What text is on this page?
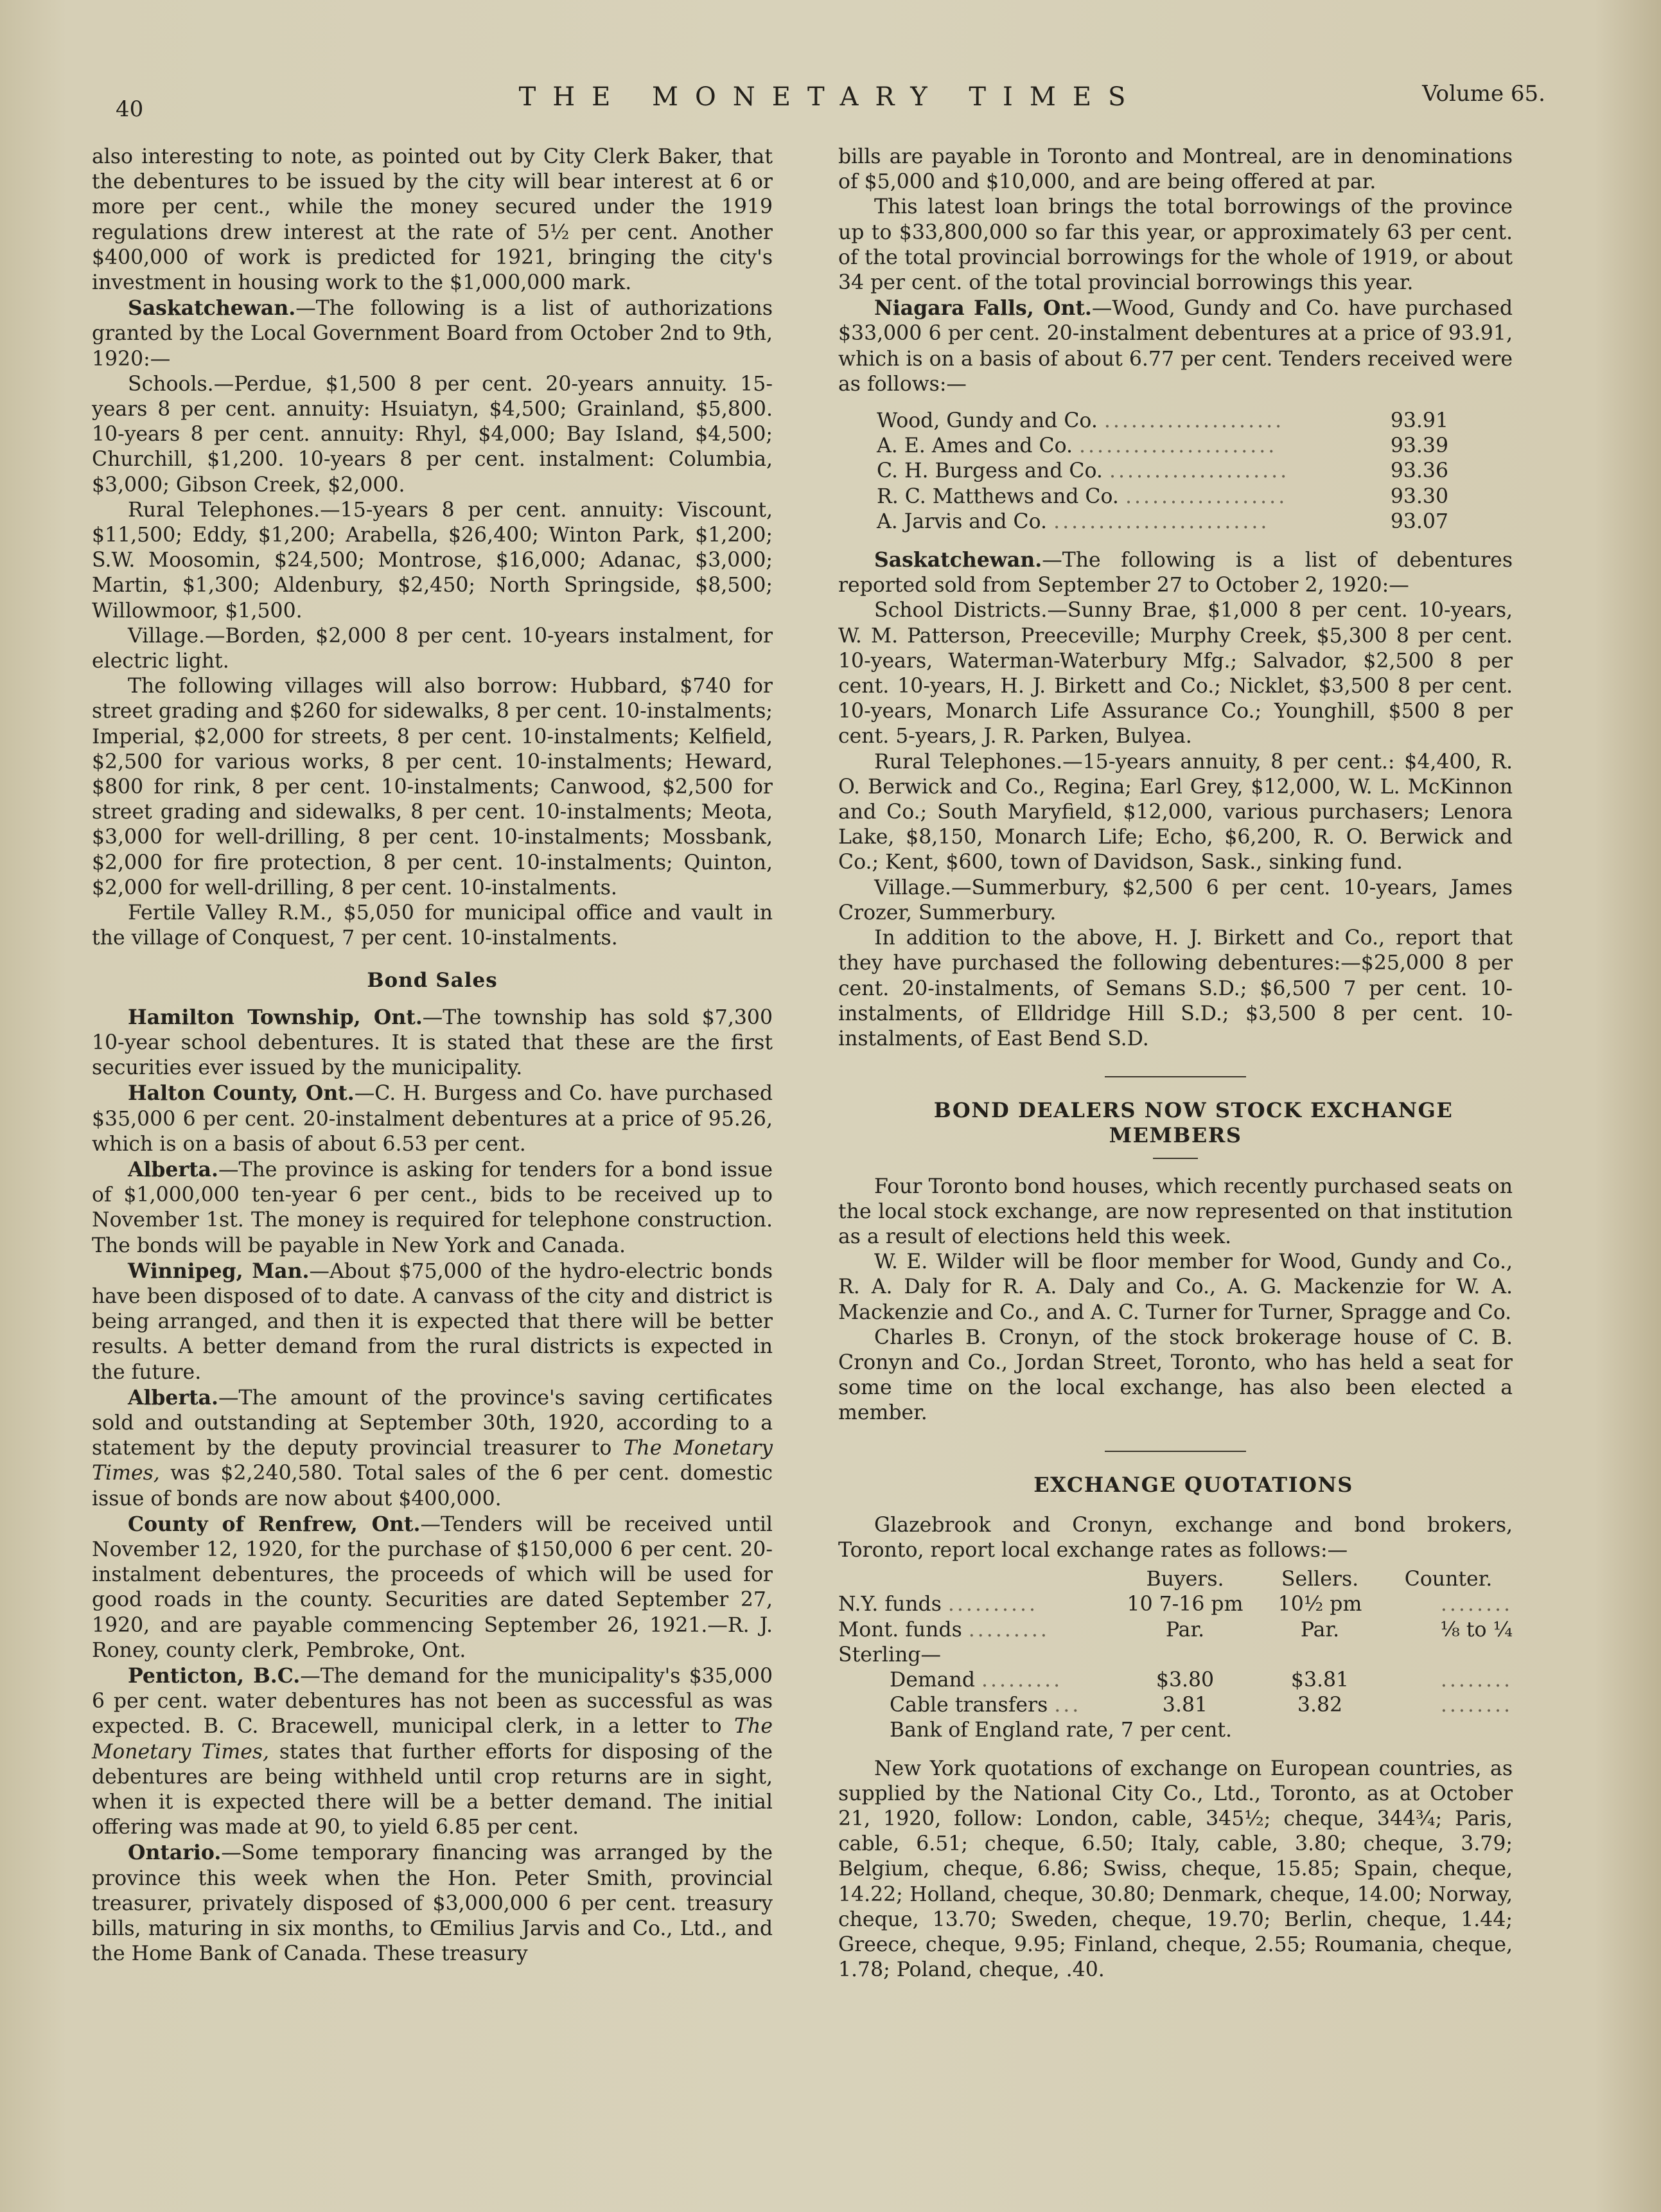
40	THE MONETARY TIMES	Volume 65.

also interesting to note, as pointed out by City Clerk Baker, that the debentures to be issued by the city will bear interest at 6 or more per cent., while the money secured under the 1919 regulations drew interest at the rate of 5½ per cent. Another $400,000 of work is predicted for 1921, bringing the city's investment in housing work to the $1,000,000 mark.

Saskatchewan.—The following is a list of authorizations granted by the Local Government Board from October 2nd to 9th, 1920:—

Schools.—Perdue, $1,500 8 per cent. 20-years annuity. 15-years 8 per cent. annuity: Hsuiatyn, $4,500; Grainland, $5,800. 10-years 8 per cent. annuity: Rhyl, $4,000; Bay Island, $4,500; Churchill, $1,200. 10-years 8 per cent. instalment: Columbia, $3,000; Gibson Creek, $2,000.

Rural Telephones.—15-years 8 per cent. annuity: Viscount, $11,500; Eddy, $1,200; Arabella, $26,400; Winton Park, $1,200; S.W. Moosomin, $24,500; Montrose, $16,000; Adanac, $3,000; Martin, $1,300; Aldenbury, $2,450; North Springside, $8,500; Willowmoor, $1,500.

Village.—Borden, $2,000 8 per cent. 10-years instalment, for electric light.

The following villages will also borrow: Hubbard, $740 for street grading and $260 for sidewalks, 8 per cent. 10-instalments; Imperial, $2,000 for streets, 8 per cent. 10-instalments; Kelfield, $2,500 for various works, 8 per cent. 10-instalments; Heward, $800 for rink, 8 per cent. 10-instalments; Canwood, $2,500 for street grading and sidewalks, 8 per cent. 10-instalments; Meota, $3,000 for well-drilling, 8 per cent. 10-instalments; Mossbank, $2,000 for fire protection, 8 per cent. 10-instalments; Quinton, $2,000 for well-drilling, 8 per cent. 10-instalments.

Fertile Valley R.M., $5,050 for municipal office and vault in the village of Conquest, 7 per cent. 10-instalments.

Bond Sales

Hamilton Township, Ont.—The township has sold $7,300 10-year school debentures. It is stated that these are the first securities ever issued by the municipality.

Halton County, Ont.—C. H. Burgess and Co. have purchased $35,000 6 per cent. 20-instalment debentures at a price of 95.26, which is on a basis of about 6.53 per cent.

Alberta.—The province is asking for tenders for a bond issue of $1,000,000 ten-year 6 per cent., bids to be received up to November 1st. The money is required for telephone construction. The bonds will be payable in New York and Canada.

Winnipeg, Man.—About $75,000 of the hydro-electric bonds have been disposed of to date. A canvass of the city and district is being arranged, and then it is expected that there will be better results. A better demand from the rural districts is expected in the future.

Alberta.—The amount of the province's saving certificates sold and outstanding at September 30th, 1920, according to a statement by the deputy provincial treasurer to The Monetary Times, was $2,240,580. Total sales of the 6 per cent. domestic issue of bonds are now about $400,000.

County of Renfrew, Ont.—Tenders will be received until November 12, 1920, for the purchase of $150,000 6 per cent. 20-instalment debentures, the proceeds of which will be used for good roads in the county. Securities are dated September 27, 1920, and are payable commencing September 26, 1921.—R. J. Roney, county clerk, Pembroke, Ont.

Penticton, B.C.—The demand for the municipality's $35,000 6 per cent. water debentures has not been as successful as was expected. B. C. Bracewell, municipal clerk, in a letter to The Monetary Times, states that further efforts for disposing of the debentures are being withheld until crop returns are in sight, when it is expected there will be a better demand. The initial offering was made at 90, to yield 6.85 per cent.

Ontario.—Some temporary financing was arranged by the province this week when the Hon. Peter Smith, provincial treasurer, privately disposed of $3,000,000 6 per cent. treasury bills, maturing in six months, to Œmilius Jarvis and Co., Ltd., and the Home Bank of Canada. These treasury

bills are payable in Toronto and Montreal, are in denominations of $5,000 and $10,000, and are being offered at par.

This latest loan brings the total borrowings of the province up to $33,800,000 so far this year, or approximately 63 per cent. of the total provincial borrowings for the whole of 1919, or about 34 per cent. of the total provincial borrowings this year.

Niagara Falls, Ont.—Wood, Gundy and Co. have purchased $33,000 6 per cent. 20-instalment debentures at a price of 93.91, which is on a basis of about 6.77 per cent. Tenders received were as follows:—

Wood, Gundy and Co. ....................	93.91
A. E. Ames and Co. ......................	93.39
C. H. Burgess and Co. ....................	93.36
R. C. Matthews and Co. ..................	93.30
A. Jarvis and Co. ........................	93.07

Saskatchewan.—The following is a list of debentures reported sold from September 27 to October 2, 1920:—

School Districts.—Sunny Brae, $1,000 8 per cent. 10-years, W. M. Patterson, Preeceville; Murphy Creek, $5,300 8 per cent. 10-years, Waterman-Waterbury Mfg.; Salvador, $2,500 8 per cent. 10-years, H. J. Birkett and Co.; Nicklet, $3,500 8 per cent. 10-years, Monarch Life Assurance Co.; Younghill, $500 8 per cent. 5-years, J. R. Parken, Bulyea.

Rural Telephones.—15-years annuity, 8 per cent.: $4,400, R. O. Berwick and Co., Regina; Earl Grey, $12,000, W. L. McKinnon and Co.; South Maryfield, $12,000, various purchasers; Lenora Lake, $8,150, Monarch Life; Echo, $6,200, R. O. Berwick and Co.; Kent, $600, town of Davidson, Sask., sinking fund.

Village.—Summerbury, $2,500 6 per cent. 10-years, James Crozer, Summerbury.

In addition to the above, H. J. Birkett and Co., report that they have purchased the following debentures:—$25,000 8 per cent. 20-instalments, of Semans S.D.; $6,500 7 per cent. 10-instalments, of Elldridge Hill S.D.; $3,500 8 per cent. 10-instalments, of East Bend S.D.

BOND DEALERS NOW STOCK EXCHANGE MEMBERS

Four Toronto bond houses, which recently purchased seats on the local stock exchange, are now represented on that institution as a result of elections held this week.

W. E. Wilder will be floor member for Wood, Gundy and Co., R. A. Daly for R. A. Daly and Co., A. G. Mackenzie for W. A. Mackenzie and Co., and A. C. Turner for Turner, Spragge and Co.

Charles B. Cronyn, of the stock brokerage house of C. B. Cronyn and Co., Jordan Street, Toronto, who has held a seat for some time on the local exchange, has also been elected a member.

EXCHANGE QUOTATIONS

Glazebrook and Cronyn, exchange and bond brokers, Toronto, report local exchange rates as follows:—

	Buyers.	Sellers.	Counter.
N.Y. funds ..........	10 7-16 pm	10½ pm	........
Mont. funds .........	Par.	Par.	⅛ to ¼
Sterling—			
Demand .........	$3.80	$3.81	........
Cable transfers ...	3.81	3.82	........
Bank of England rate, 7 per cent.			

New York quotations of exchange on European countries, as supplied by the National City Co., Ltd., Toronto, as at October 21, 1920, follow: London, cable, 345½; cheque, 344¾; Paris, cable, 6.51; cheque, 6.50; Italy, cable, 3.80; cheque, 3.79; Belgium, cheque, 6.86; Swiss, cheque, 15.85; Spain, cheque, 14.22; Holland, cheque, 30.80; Denmark, cheque, 14.00; Norway, cheque, 13.70; Sweden, cheque, 19.70; Berlin, cheque, 1.44; Greece, cheque, 9.95; Finland, cheque, 2.55; Roumania, cheque, 1.78; Poland, cheque, .40.
